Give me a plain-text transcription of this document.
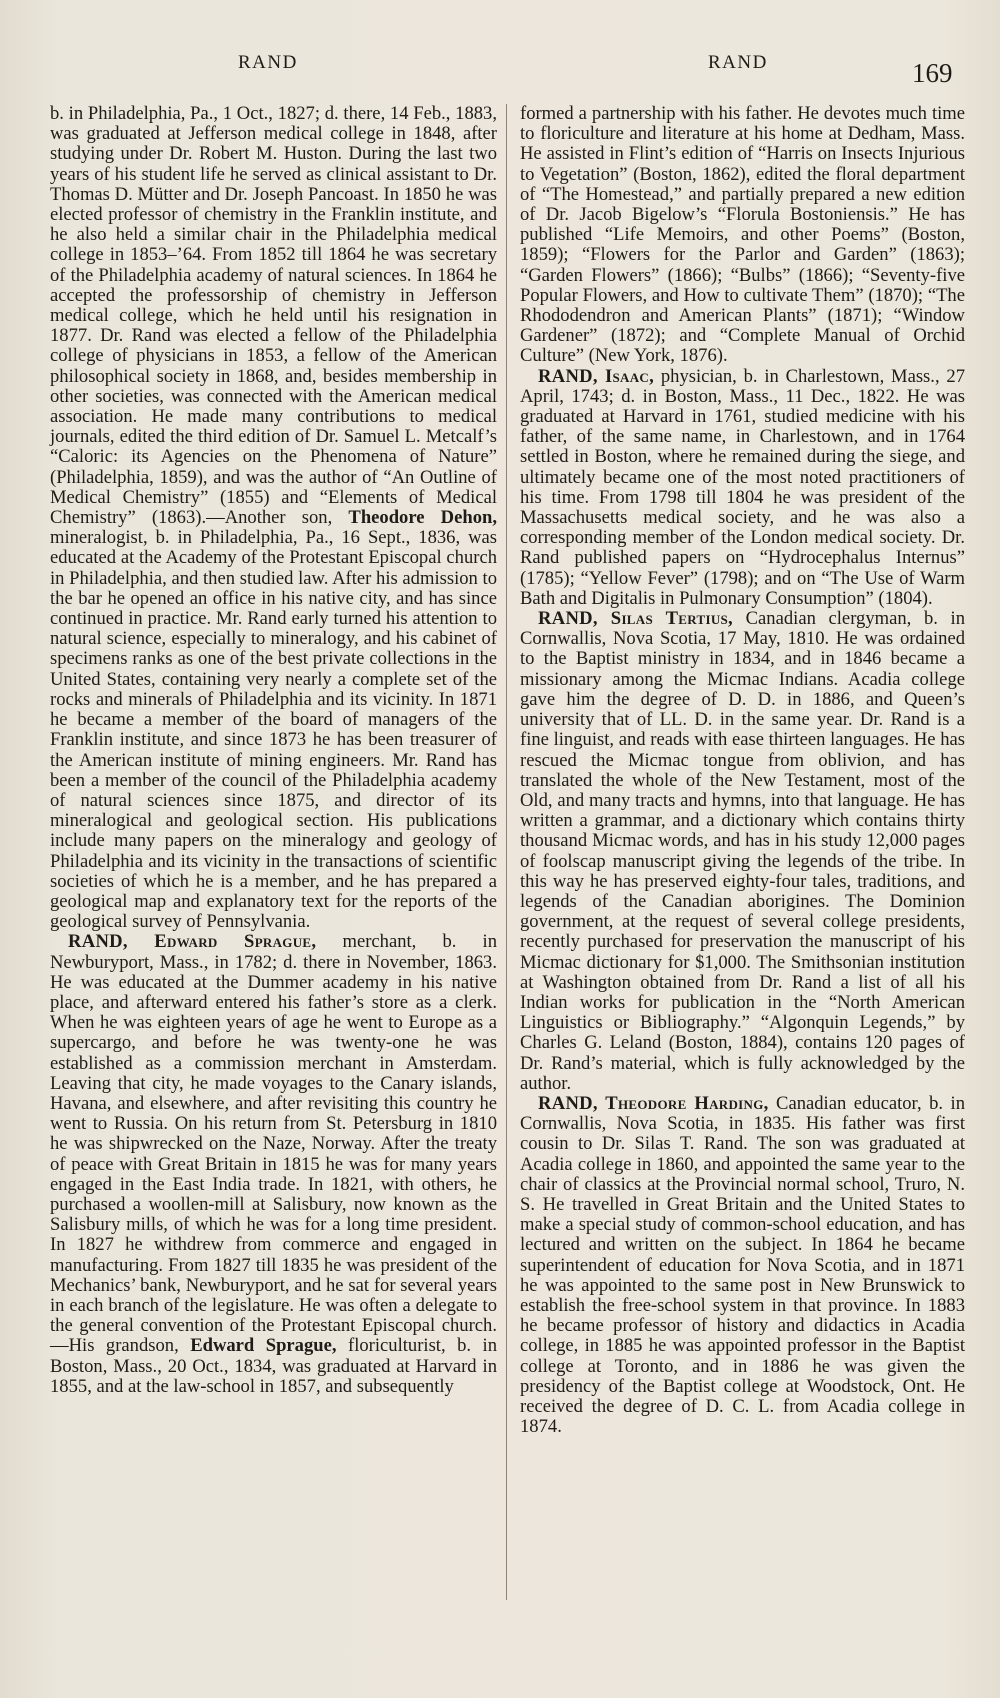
RAND	RAND	169

b. in Philadelphia, Pa., 1 Oct., 1827; d. there, 14 Feb., 1883, was graduated at Jefferson medical college in 1848, after studying under Dr. Robert M. Huston. During the last two years of his student life he served as clinical assistant to Dr. Thomas D. Mütter and Dr. Joseph Pancoast. In 1850 he was elected professor of chemistry in the Franklin institute, and he also held a similar chair in the Philadelphia medical college in 1853–’64. From 1852 till 1864 he was secretary of the Philadelphia academy of natural sciences. In 1864 he accepted the professorship of chemistry in Jefferson medical college, which he held until his resignation in 1877. Dr. Rand was elected a fellow of the Philadelphia college of physicians in 1853, a fellow of the American philosophical society in 1868, and, besides membership in other societies, was connected with the American medical association. He made many contributions to medical journals, edited the third edition of Dr. Samuel L. Metcalf’s “Caloric: its Agencies on the Phenomena of Nature” (Philadelphia, 1859), and was the author of “An Outline of Medical Chemistry” (1855) and “Elements of Medical Chemistry” (1863).—Another son, Theodore Dehon, mineralogist, b. in Philadelphia, Pa., 16 Sept., 1836, was educated at the Academy of the Protestant Episcopal church in Philadelphia, and then studied law. After his admission to the bar he opened an office in his native city, and has since continued in practice. Mr. Rand early turned his attention to natural science, especially to mineralogy, and his cabinet of specimens ranks as one of the best private collections in the United States, containing very nearly a complete set of the rocks and minerals of Philadelphia and its vicinity. In 1871 he became a member of the board of managers of the Franklin institute, and since 1873 he has been treasurer of the American institute of mining engineers. Mr. Rand has been a member of the council of the Philadelphia academy of natural sciences since 1875, and director of its mineralogical and geological section. His publications include many papers on the mineralogy and geology of Philadelphia and its vicinity in the transactions of scientific societies of which he is a member, and he has prepared a geological map and explanatory text for the reports of the geological survey of Pennsylvania.

RAND, Edward Sprague, merchant, b. in Newburyport, Mass., in 1782; d. there in November, 1863. He was educated at the Dummer academy in his native place, and afterward entered his father’s store as a clerk. When he was eighteen years of age he went to Europe as a supercargo, and before he was twenty-one he was established as a commission merchant in Amsterdam. Leaving that city, he made voyages to the Canary islands, Havana, and elsewhere, and after revisiting this country he went to Russia. On his return from St. Petersburg in 1810 he was shipwrecked on the Naze, Norway. After the treaty of peace with Great Britain in 1815 he was for many years engaged in the East India trade. In 1821, with others, he purchased a woollen-mill at Salisbury, now known as the Salisbury mills, of which he was for a long time president. In 1827 he withdrew from commerce and engaged in manufacturing. From 1827 till 1835 he was president of the Mechanics’ bank, Newburyport, and he sat for several years in each branch of the legislature. He was often a delegate to the general convention of the Protestant Episcopal church.—His grandson, Edward Sprague, floriculturist, b. in Boston, Mass., 20 Oct., 1834, was graduated at Harvard in 1855, and at the law-school in 1857, and subsequently

formed a partnership with his father. He devotes much time to floriculture and literature at his home at Dedham, Mass. He assisted in Flint’s edition of “Harris on Insects Injurious to Vegetation” (Boston, 1862), edited the floral department of “The Homestead,” and partially prepared a new edition of Dr. Jacob Bigelow’s “Florula Bostoniensis.” He has published “Life Memoirs, and other Poems” (Boston, 1859); “Flowers for the Parlor and Garden” (1863); “Garden Flowers” (1866); “Bulbs” (1866); “Seventy-five Popular Flowers, and How to cultivate Them” (1870); “The Rhododendron and American Plants” (1871); “Window Gardener” (1872); and “Complete Manual of Orchid Culture” (New York, 1876).

RAND, Isaac, physician, b. in Charlestown, Mass., 27 April, 1743; d. in Boston, Mass., 11 Dec., 1822. He was graduated at Harvard in 1761, studied medicine with his father, of the same name, in Charlestown, and in 1764 settled in Boston, where he remained during the siege, and ultimately became one of the most noted practitioners of his time. From 1798 till 1804 he was president of the Massachusetts medical society, and he was also a corresponding member of the London medical society. Dr. Rand published papers on “Hydrocephalus Internus” (1785); “Yellow Fever” (1798); and on “The Use of Warm Bath and Digitalis in Pulmonary Consumption” (1804).

RAND, Silas Tertius, Canadian clergyman, b. in Cornwallis, Nova Scotia, 17 May, 1810. He was ordained to the Baptist ministry in 1834, and in 1846 became a missionary among the Micmac Indians. Acadia college gave him the degree of D. D. in 1886, and Queen’s university that of LL. D. in the same year. Dr. Rand is a fine linguist, and reads with ease thirteen languages. He has rescued the Micmac tongue from oblivion, and has translated the whole of the New Testament, most of the Old, and many tracts and hymns, into that language. He has written a grammar, and a dictionary which contains thirty thousand Micmac words, and has in his study 12,000 pages of foolscap manuscript giving the legends of the tribe. In this way he has preserved eighty-four tales, traditions, and legends of the Canadian aborigines. The Dominion government, at the request of several college presidents, recently purchased for preservation the manuscript of his Micmac dictionary for $1,000. The Smithsonian institution at Washington obtained from Dr. Rand a list of all his Indian works for publication in the “North American Linguistics or Bibliography.” “Algonquin Legends,” by Charles G. Leland (Boston, 1884), contains 120 pages of Dr. Rand’s material, which is fully acknowledged by the author.

RAND, Theodore Harding, Canadian educator, b. in Cornwallis, Nova Scotia, in 1835. His father was first cousin to Dr. Silas T. Rand. The son was graduated at Acadia college in 1860, and appointed the same year to the chair of classics at the Provincial normal school, Truro, N. S. He travelled in Great Britain and the United States to make a special study of common-school education, and has lectured and written on the subject. In 1864 he became superintendent of education for Nova Scotia, and in 1871 he was appointed to the same post in New Brunswick to establish the free-school system in that province. In 1883 he became professor of history and didactics in Acadia college, in 1885 he was appointed professor in the Baptist college at Toronto, and in 1886 he was given the presidency of the Baptist college at Woodstock, Ont. He received the degree of D. C. L. from Acadia college in 1874.
